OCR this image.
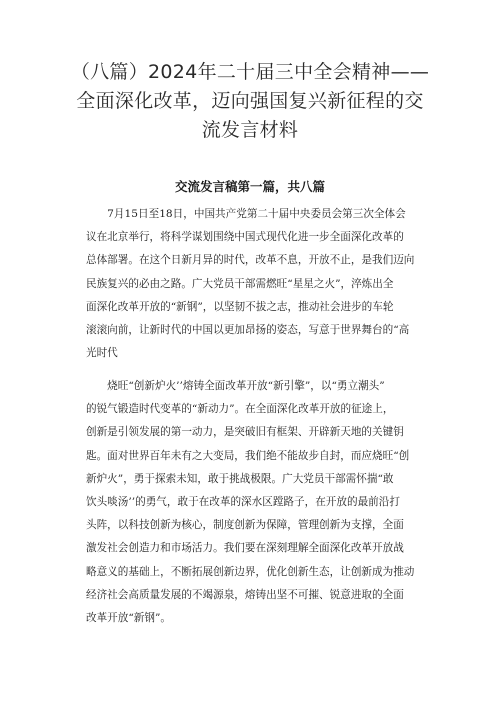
（八篇）2024年二十届三中全会精神——
全面深化改革，迈向强国复兴新征程的交
流发言材料
交流发言稿第一篇，共八篇
　　7月15日至18日，中国共产党第二十届中央委员会第三次全体会
议在北京举行，将科学谋划围绕中国式现代化进一步全面深化改革的
总体部署。在这个日新月异的时代，改革不息，开放不止，是我们迈向
民族复兴的必由之路。广大党员干部需燃旺“星星之火”，淬炼出全
面深化改革开放的“新钢”，以坚韧不拔之志，推动社会进步的车轮
滚滚向前，让新时代的中国以更加昂扬的姿态，写意于世界舞台的“高
光时代
　　烧旺“创新炉火’’熔铸全面改革开放“新引擎”，以“勇立潮头”
的锐气锻造时代变革的“新动力”。在全面深化改革开放的征途上，
创新是引领发展的第一动力，是突破旧有框架、开辟新天地的关键钥
匙。面对世界百年未有之大变局，我们绝不能故步自封，而应烧旺“创
新炉火”，勇于探索未知，敢于挑战极限。广大党员干部需怀揣“敢
饮头啖汤’’的勇气，敢于在改革的深水区蹚路子，在开放的最前沿打
头阵，以科技创新为核心，制度创新为保障，管理创新为支撑，全面
激发社会创造力和市场活力。我们要在深刻理解全面深化改革开放战
略意义的基础上，不断拓展创新边界，优化创新生态，让创新成为推动
经济社会高质量发展的不竭源泉，熔铸出坚不可摧、锐意进取的全面
改革开放“新钢”。
